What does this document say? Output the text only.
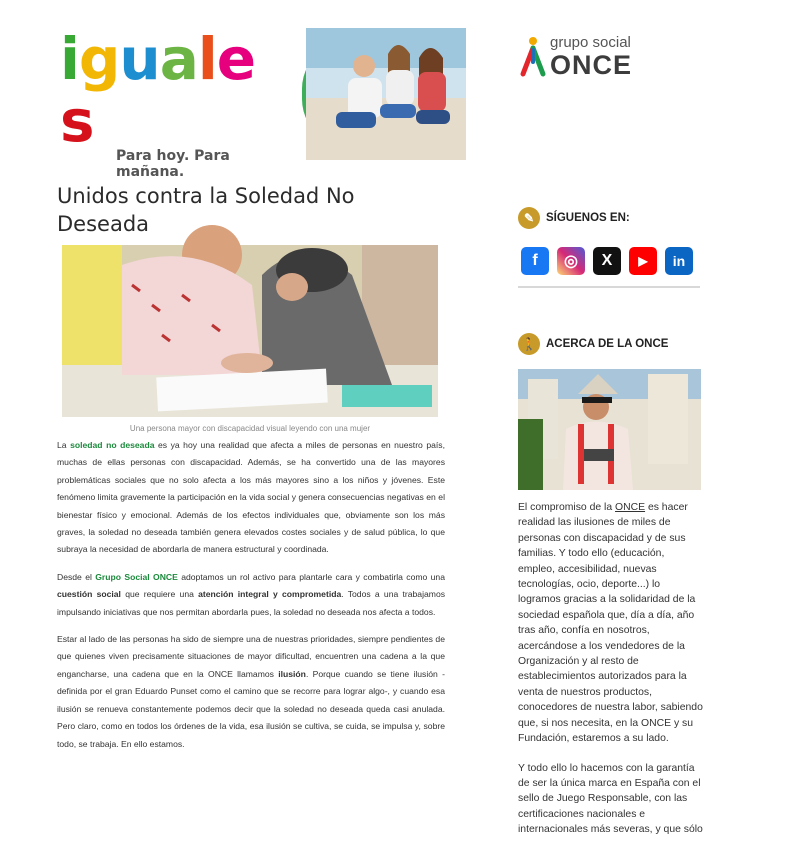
iguales
Para hoy. Para mañana.
grupo social
ONCE
Unidos contra la Soledad No Deseada
Una persona mayor con discapacidad visual leyendo con una mujer

La soledad no deseada es ya hoy una realidad que afecta a miles de personas en nuestro país, muchas de ellas personas con discapacidad. Además, se ha convertido una de las mayores problemáticas sociales que no solo afecta a los más mayores sino a los niños y jóvenes. Este fenómeno limita gravemente la participación en la vida social y genera consecuencias negativas en el bienestar físico y emocional. Además de los efectos individuales que, obviamente son los más graves, la soledad no deseada también genera elevados costes sociales y de salud pública, lo que subraya la necesidad de abordarla de manera estructural y coordinada.

Desde el Grupo Social ONCE adoptamos un rol activo para plantarle cara y combatirla como una cuestión social que requiere una atención integral y comprometida. Todos a una trabajamos impulsando iniciativas que nos permitan abordarla pues, la soledad no deseada nos afecta a todos.

Estar al lado de las personas ha sido de siempre una de nuestras prioridades, siempre pendientes de que quienes viven precisamente situaciones de mayor dificultad, encuentren una cadena a la que engancharse, una cadena que en la ONCE llamamos ilusión. Porque cuando se tiene ilusión - definida por el gran Eduardo Punset como el camino que se recorre para lograr algo-, y cuando esa ilusión se renueva constantemente podemos decir que la soledad no deseada queda casi anulada. Pero claro, como en todos los órdenes de la vida, esa ilusión se cultiva, se cuida, se impulsa y, sobre todo, se trabaja. En ello estamos.

✎	SÍGUENOS EN:
f	◎	X	▶	in
🚶 ACERCA DE LA ONCE

El compromiso de la ONCE es hacer realidad las ilusiones de miles de personas con discapacidad y de sus familias. Y todo ello (educación, empleo, accesibilidad, nuevas tecnologías, ocio, deporte...) lo logramos gracias a la solidaridad de la sociedad española que, día a día, año tras año, confía en nosotros, acercándose a los vendedores de la Organización y al resto de establecimientos autorizados para la venta de nuestros productos, conocedores de nuestra labor, sabiendo que, si nos necesita, en la ONCE y su Fundación, estaremos a su lado.

Y todo ello lo hacemos con la garantía de ser la única marca en España con el sello de Juego Responsable, con las certificaciones nacionales e internacionales más severas, y que sólo
